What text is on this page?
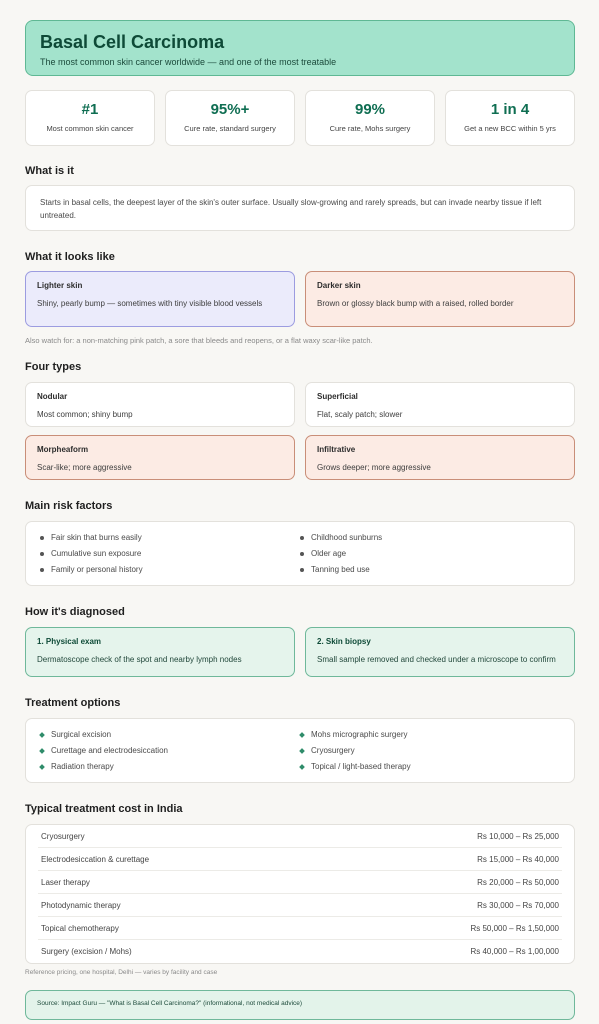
Basal Cell Carcinoma

The most common skin cancer worldwide — and one of the most treatable

#1
Most common skin cancer
95%+
Cure rate, standard surgery
99%
Cure rate, Mohs surgery
1 in 4
Get a new BCC within 5 yrs
What is it
Starts in basal cells, the deepest layer of the skin's outer surface. Usually slow-growing and rarely spreads, but can invade nearby tissue if left untreated.
What it looks like
Lighter skin
Shiny, pearly bump — sometimes with tiny visible blood vessels
Darker skin
Brown or glossy black bump with a raised, rolled border
Also watch for: a non-matching pink patch, a sore that bleeds and reopens, or a flat waxy scar-like patch.
Four types
Nodular
Most common; shiny bump
Superficial
Flat, scaly patch; slower
Morpheaform
Scar-like; more aggressive
Infiltrative
Grows deeper; more aggressive
Main risk factors
Fair skin that burns easily
Cumulative sun exposure
Family or personal history
Childhood sunburns
Older age
Tanning bed use
How it's diagnosed
1. Physical exam
Dermatoscope check of the spot and nearby lymph nodes
2. Skin biopsy
Small sample removed and checked under a microscope to confirm
Treatment options
Surgical excision
Curettage and electrodesiccation
Radiation therapy
Mohs micrographic surgery
Cryosurgery
Topical / light-based therapy
Typical treatment cost in India
Cryosurgery	Rs 10,000 – Rs 25,000
Electrodesiccation & curettage	Rs 15,000 – Rs 40,000
Laser therapy	Rs 20,000 – Rs 50,000
Photodynamic therapy	Rs 30,000 – Rs 70,000
Topical chemotherapy	Rs 50,000 – Rs 1,50,000
Surgery (excision / Mohs)	Rs 40,000 – Rs 1,00,000
Reference pricing, one hospital, Delhi — varies by facility and case
Source: Impact Guru — "What is Basal Cell Carcinoma?" (informational, not medical advice)
